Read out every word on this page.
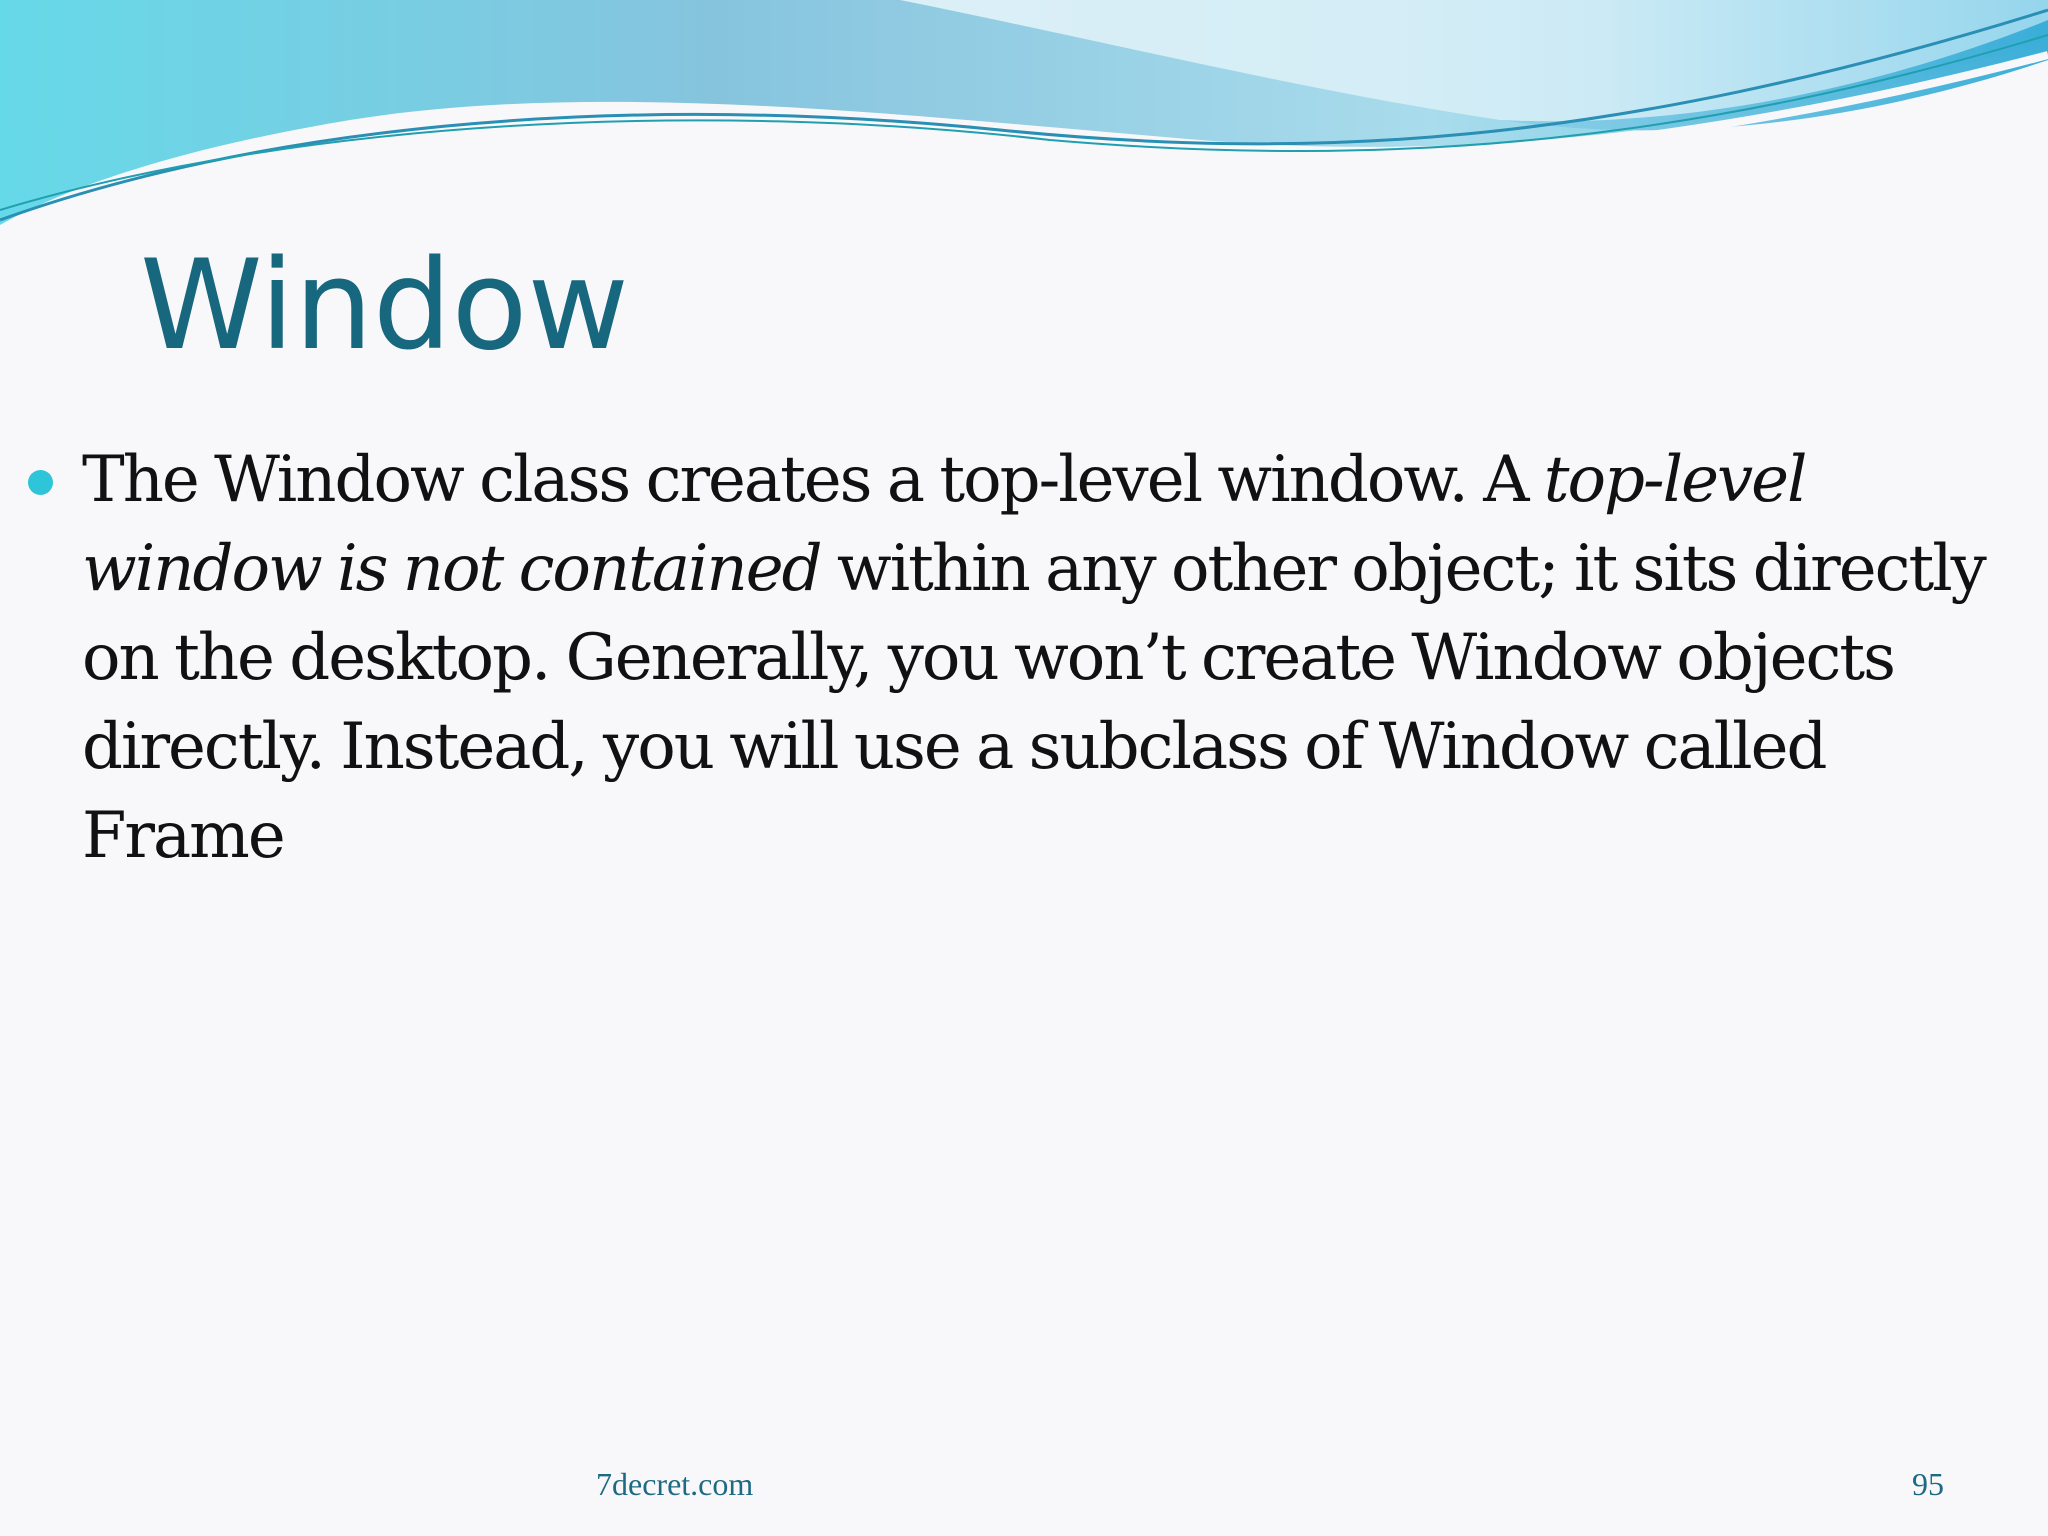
Window

The Window class creates a top-level window. A top-level window is not contained within any other object; it sits directly on the desktop. Generally, you won’t create Window objects directly. Instead, you will use a subclass of Window called Frame

7decret.com	95
